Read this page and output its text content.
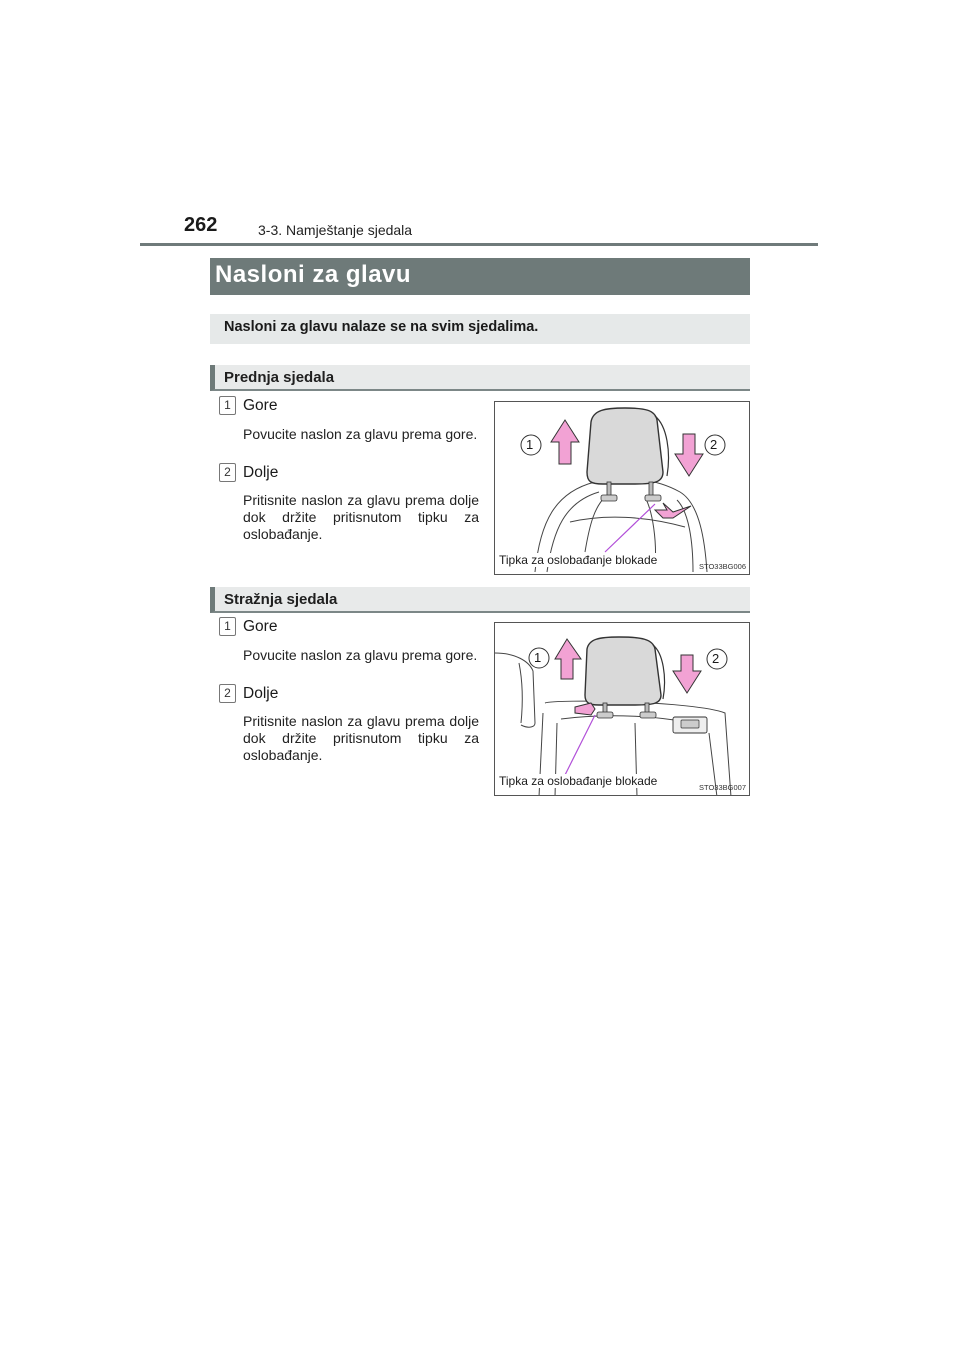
262	3-3. Namještanje sjedala
Nasloni za glavu
Nasloni za glavu nalaze se na svim sjedalima.
Prednja sjedala
1 Gore
Povucite naslon za glavu prema gore.
2 Dolje
Pritisnite naslon za glavu prema dolje dok držite pritisnutom tipku za oslobađanje.
1	2
Tipka za oslobađanje blokade	STO33BG006
Stražnja sjedala
1 Gore
Povucite naslon za glavu prema gore.
2 Dolje
Pritisnite naslon za glavu prema dolje dok držite pritisnutom tipku za oslobađanje.
1	2
Tipka za oslobađanje blokade	STO33BG007
